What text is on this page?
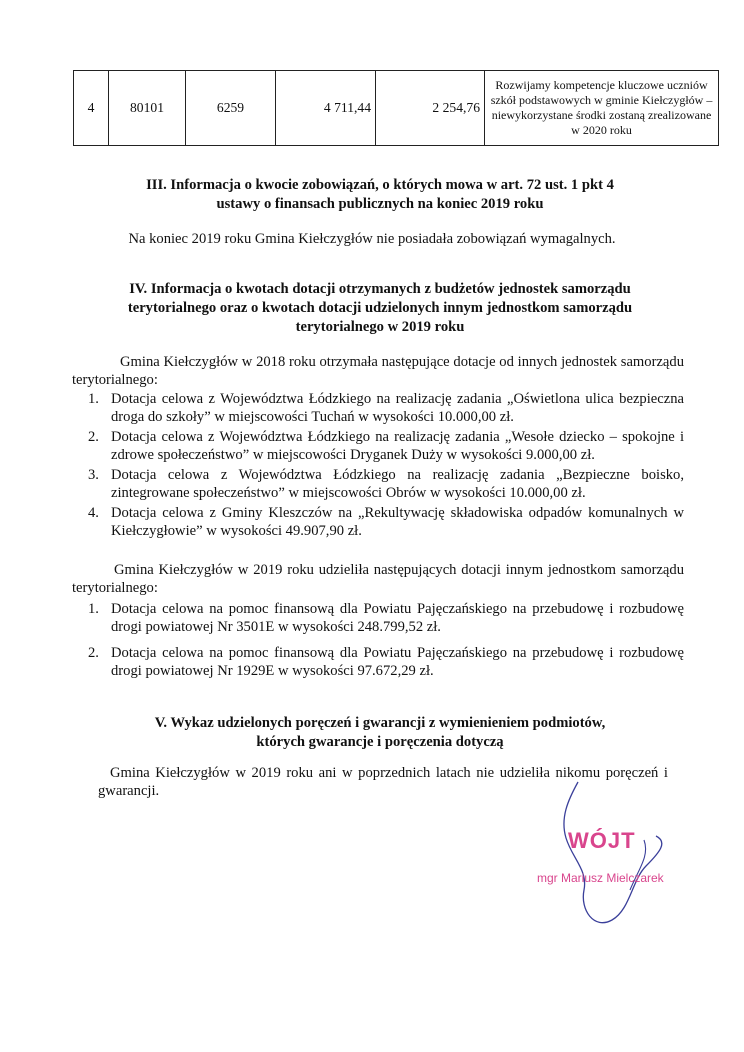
4	80101	6259	4 711,44	2 254,76	Rozwijamy kompetencje kluczowe uczniów szkół podstawowych w gminie Kiełczygłów – niewykorzystane środki zostaną zrealizowane w 2020 roku
III. Informacja o kwocie zobowiązań, o których mowa w art. 72 ust. 1 pkt 4
ustawy o finansach publicznych na koniec 2019 roku
Na koniec 2019 roku Gmina Kiełczygłów nie posiadała zobowiązań wymagalnych.
IV. Informacja o kwotach dotacji otrzymanych z budżetów jednostek samorządu
terytorialnego oraz o kwotach dotacji udzielonych innym jednostkom samorządu
terytorialnego w 2019 roku
Gmina Kiełczygłów w 2018 roku otrzymała następujące dotacje od innych jednostek samorządu terytorialnego:
1. Dotacja celowa z Województwa Łódzkiego na realizację zadania „Oświetlona ulica bezpieczna droga do szkoły” w miejscowości Tuchań w wysokości 10.000,00 zł.
2. Dotacja celowa z Województwa Łódzkiego na realizację zadania „Wesołe dziecko – spokojne i zdrowe społeczeństwo” w miejscowości Dryganek Duży w wysokości 9.000,00 zł.
3. Dotacja celowa z Województwa Łódzkiego na realizację zadania „Bezpieczne boisko, zintegrowane społeczeństwo” w miejscowości Obrów w wysokości 10.000,00 zł.
4. Dotacja celowa z Gminy Kleszczów na „Rekultywację składowiska odpadów komunalnych w Kiełczygłowie” w wysokości 49.907,90 zł.
Gmina Kiełczygłów w 2019 roku udzieliła następujących dotacji innym jednostkom samorządu terytorialnego:
1. Dotacja celowa na pomoc finansową dla Powiatu Pajęczańskiego na przebudowę i rozbudowę drogi powiatowej Nr 3501E w wysokości 248.799,52 zł.
2. Dotacja celowa na pomoc finansową dla Powiatu Pajęczańskiego na przebudowę i rozbudowę drogi powiatowej Nr 1929E w wysokości 97.672,29 zł.
V. Wykaz udzielonych poręczeń i gwarancji z wymienieniem podmiotów,
których gwarancje i poręczenia dotyczą
Gmina Kiełczygłów w 2019 roku ani w poprzednich latach nie udzieliła nikomu poręczeń i gwarancji.
WÓJT
mgr Mariusz Mielczarek
